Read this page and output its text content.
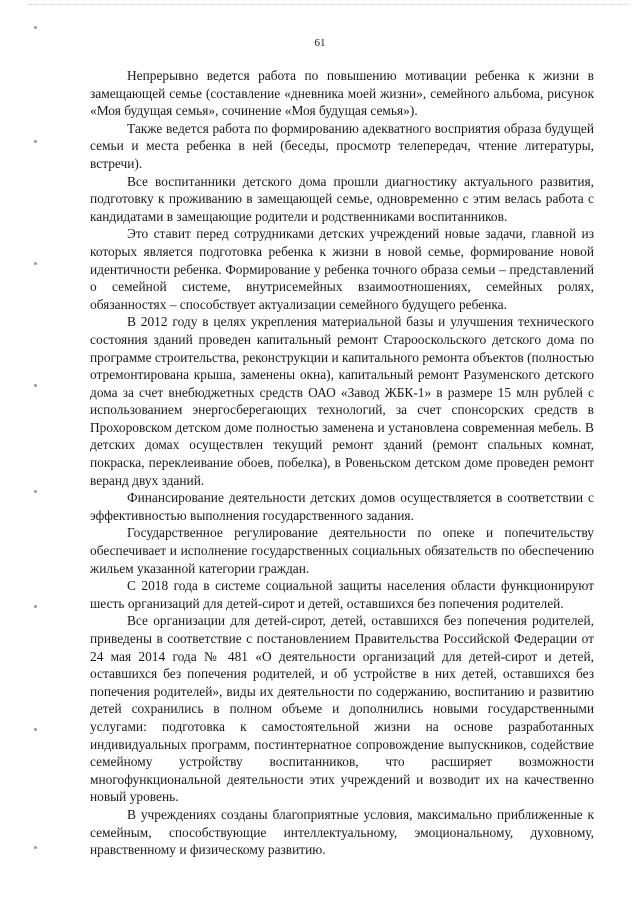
61

Непрерывно ведется работа по повышению мотивации ребенка к жизни в замещающей семье (составление «дневника моей жизни», семейного альбома, рисунок «Моя будущая семья», сочинение «Моя будущая семья»).

Также ведется работа по формированию адекватного восприятия образа будущей семьи и места ребенка в ней (беседы, просмотр телепередач, чтение литературы, встречи).

Все воспитанники детского дома прошли диагностику актуального развития, подготовку к проживанию в замещающей семье, одновременно с этим велась работа с кандидатами в замещающие родители и родственниками воспитанников.

Это ставит перед сотрудниками детских учреждений новые задачи, главной из которых является подготовка ребенка к жизни в новой семье, формирование новой идентичности ребенка. Формирование у ребенка точного образа семьи – представлений о семейной системе, внутрисемейных взаимоотношениях, семейных ролях, обязанностях – способствует актуализации семейного будущего ребенка.

В 2012 году в целях укрепления материальной базы и улучшения технического состояния зданий проведен капитальный ремонт Старооскольского детского дома по программе строительства, реконструкции и капитального ремонта объектов (полностью отремонтирована крыша, заменены окна), капитальный ремонт Разуменского детского дома за счет внебюджетных средств ОАО «Завод ЖБК-1» в размере 15 млн рублей с использованием энергосберегающих технологий, за счет спонсорских средств в Прохоровском детском доме полностью заменена и установлена современная мебель. В детских домах осуществлен текущий ремонт зданий (ремонт спальных комнат, покраска, переклеивание обоев, побелка), в Ровеньском детском доме проведен ремонт веранд двух зданий.

Финансирование деятельности детских домов осуществляется в соответствии с эффективностью выполнения государственного задания.

Государственное регулирование деятельности по опеке и попечительству обеспечивает и исполнение государственных социальных обязательств по обеспечению жильем указанной категории граждан.

С 2018 года в системе социальной защиты населения области функционируют шесть организаций для детей-сирот и детей, оставшихся без попечения родителей.

Все организации для детей-сирот, детей, оставшихся без попечения родителей, приведены в соответствие с постановлением Правительства Российской Федерации от 24 мая 2014 года № 481 «О деятельности организаций для детей-сирот и детей, оставшихся без попечения родителей, и об устройстве в них детей, оставшихся без попечения родителей», виды их деятельности по содержанию, воспитанию и развитию детей сохранились в полном объеме и дополнились новыми государственными услугами: подготовка к самостоятельной жизни на основе разработанных индивидуальных программ, постинтернатное сопровождение выпускников, содействие семейному устройству воспитанников, что расширяет возможности многофункциональной деятельности этих учреждений и возводит их на качественно новый уровень.

В учреждениях созданы благоприятные условия, максимально приближенные к семейным, способствующие интеллектуальному, эмоциональному, духовному, нравственному и физическому развитию.
